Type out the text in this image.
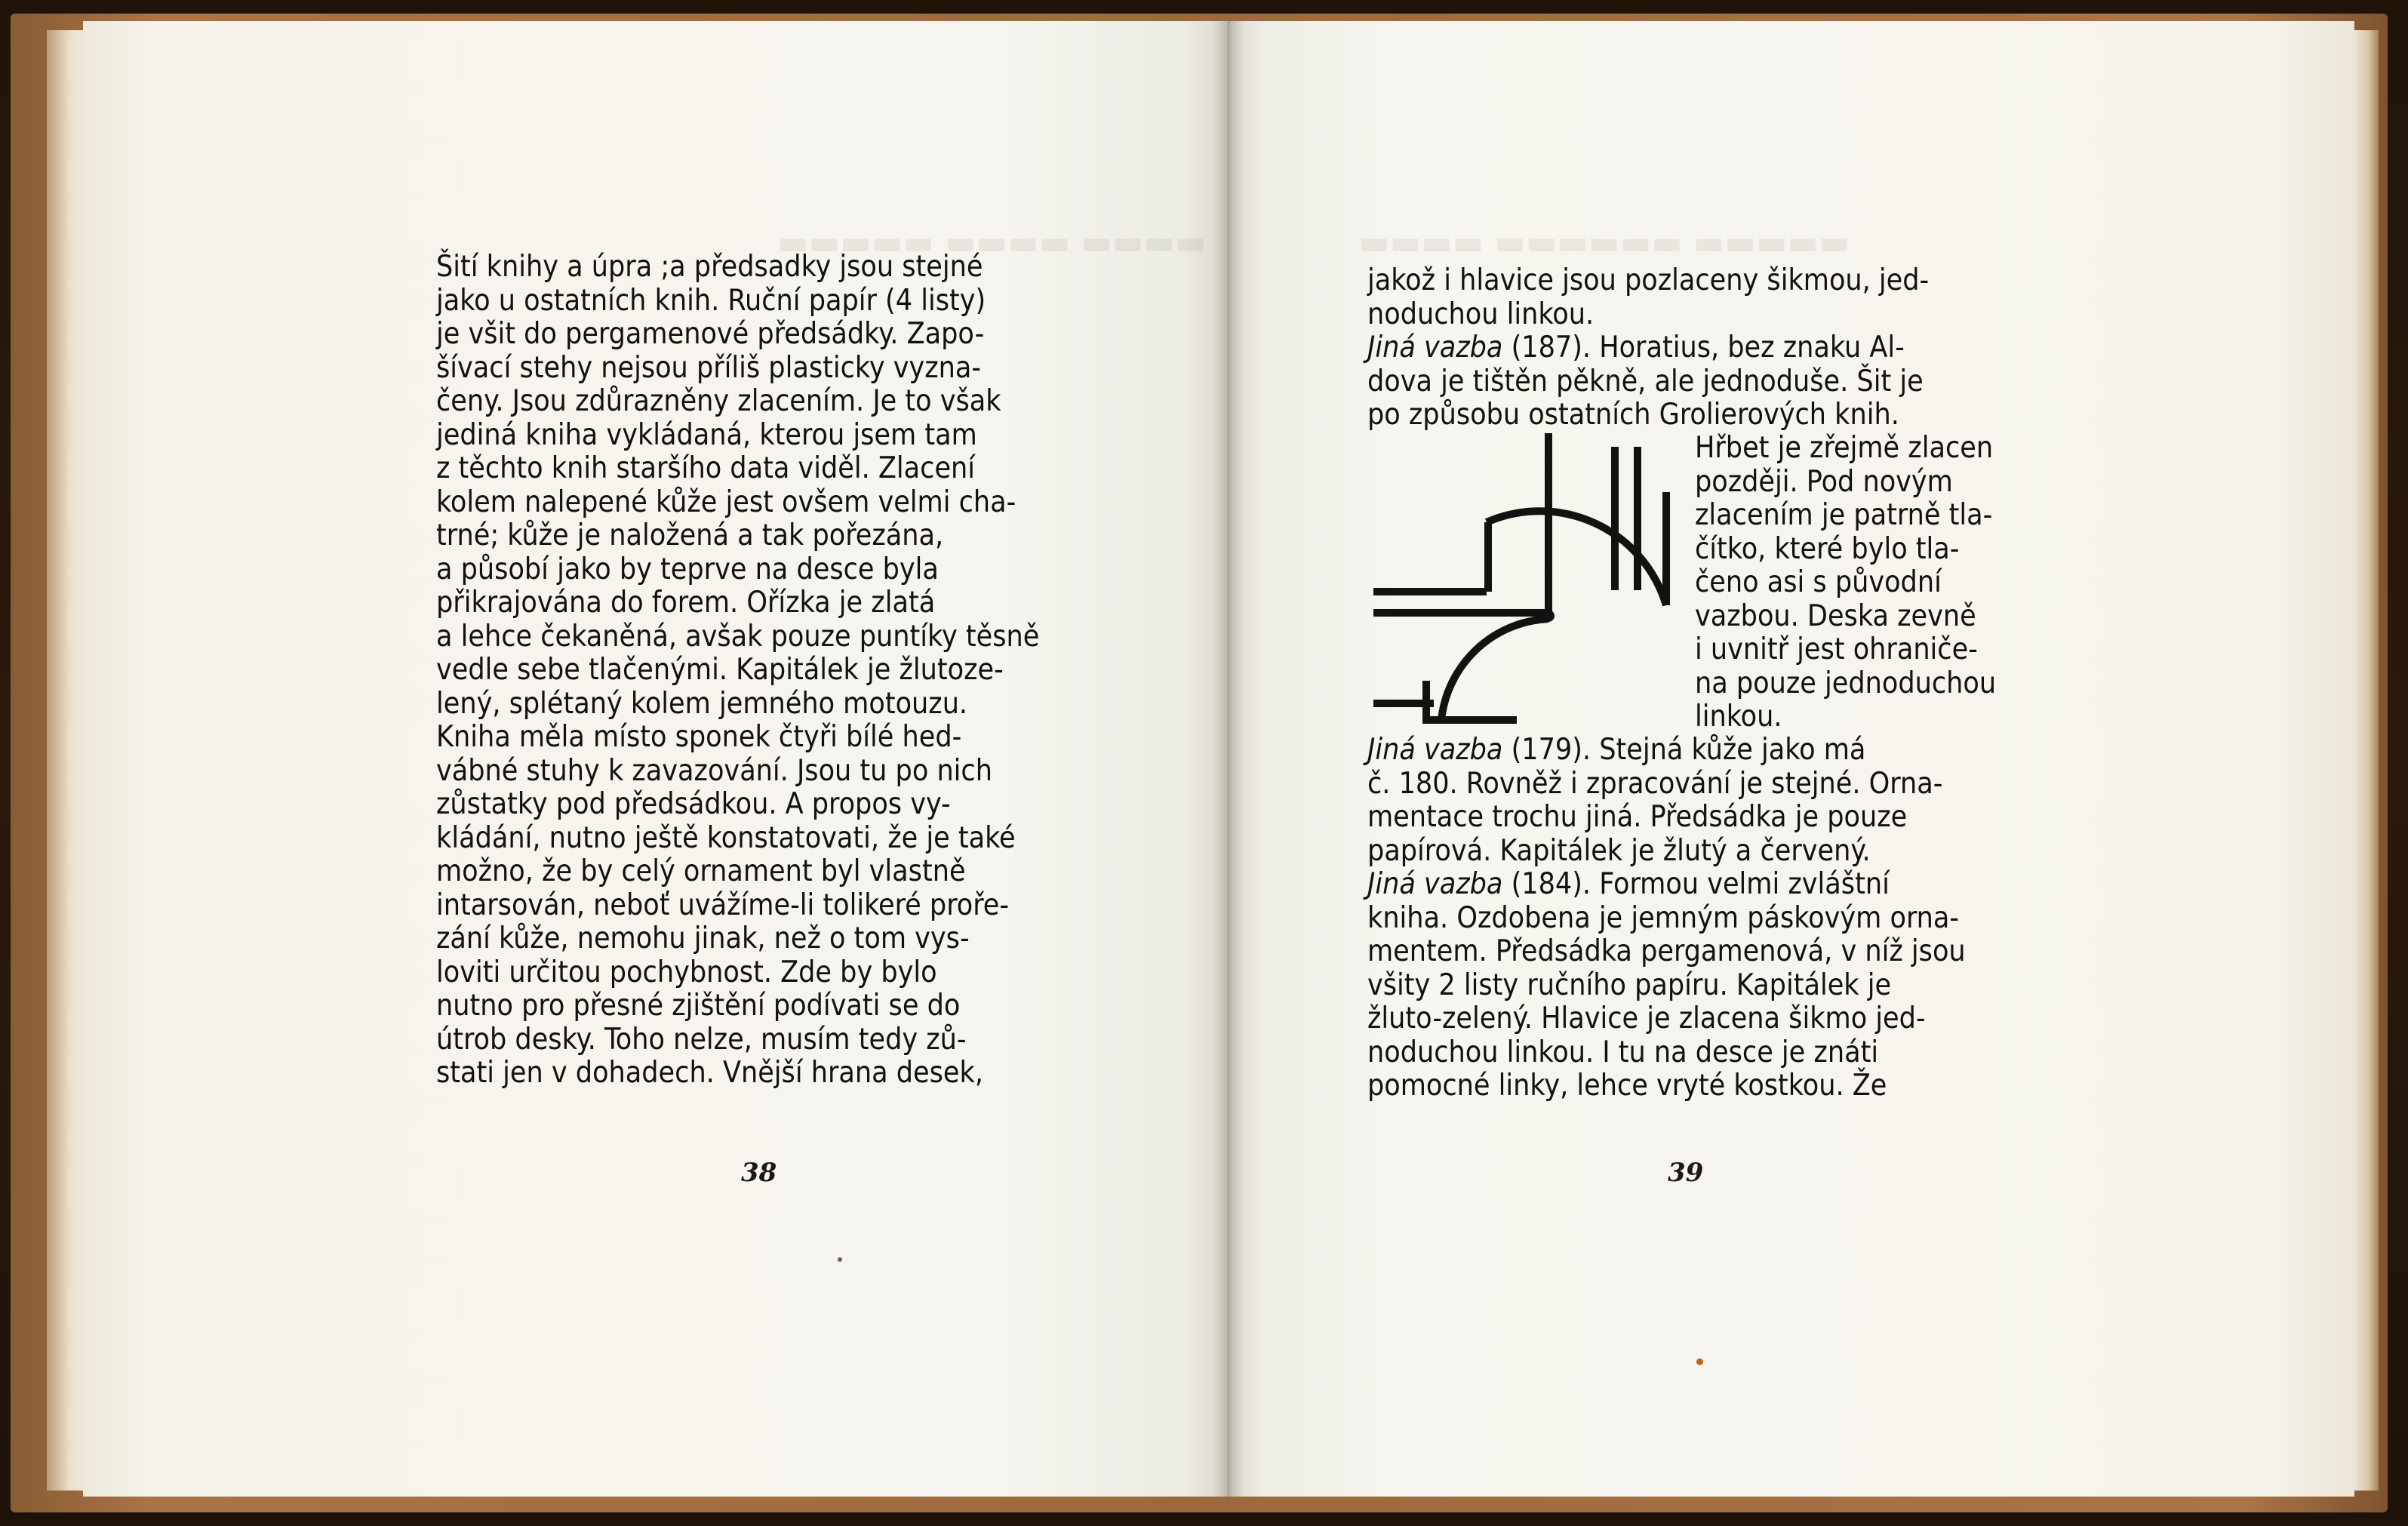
▬▬▬▬▬ ▬▬▬▬ ▬▬▬▬	▬▬▬▬ ▬▬▬▬▬▬ ▬▬▬▬▬

Šití knihy a úpra ;a předsadky jsou stejné

jako u ostatních knih. Ruční papír (4 listy)

je všit do pergamenové předsádky. Zapo-

šívací stehy nejsou příliš plasticky vyzna-

čeny. Jsou zdůrazněny zlacením. Je to však

jediná kniha vykládaná, kterou jsem tam

z těchto knih staršího data viděl. Zlacení

kolem nalepené kůže jest ovšem velmi cha-

trné; kůže je naložená a tak pořezána,

a působí jako by teprve na desce byla

přikrajována do forem. Ořízka je zlatá

a lehce čekaněná, avšak pouze puntíky těsně

vedle sebe tlačenými. Kapitálek je žlutoze-

lený, splétaný kolem jemného motouzu.

Kniha měla místo sponek čtyři bílé hed-

vábné stuhy k zavazování. Jsou tu po nich

zůstatky pod předsádkou. A propos vy-

kládání, nutno ještě konstatovati, že je také

možno, že by celý ornament byl vlastně

intarsován, neboť uvážíme-li tolikeré proře-

zání kůže, nemohu jinak, než o tom vys-

loviti určitou pochybnost. Zde by bylo

nutno pro přesné zjištění podívati se do

útrob desky. Toho nelze, musím tedy zů-

stati jen v dohadech. Vnější hrana desek,

38

jakož i hlavice jsou pozlaceny šikmou, jed-

noduchou linkou.

Jiná vazba (187). Horatius, bez znaku Al-

dova je tištěn pěkně, ale jednoduše. Šit je

po způsobu ostatních Grolierových knih.

Hřbet je zřejmě zlacen

později. Pod novým

zlacením je patrně tla-

čítko, které bylo tla-

čeno asi s původní

vazbou. Deska zevně

i uvnitř jest ohraniče-

na pouze jednoduchou

linkou.

Jiná vazba (179). Stejná kůže jako má

č. 180. Rovněž i zpracování je stejné. Orna-

mentace trochu jiná. Předsádka je pouze

papírová. Kapitálek je žlutý a červený.

Jiná vazba (184). Formou velmi zvláštní

kniha. Ozdobena je jemným páskovým orna-

mentem. Předsádka pergamenová, v níž jsou

všity 2 listy ručního papíru. Kapitálek je

žluto-zelený. Hlavice je zlacena šikmo jed-

noduchou linkou. I tu na desce je znáti

pomocné linky, lehce vryté kostkou. Že

39
